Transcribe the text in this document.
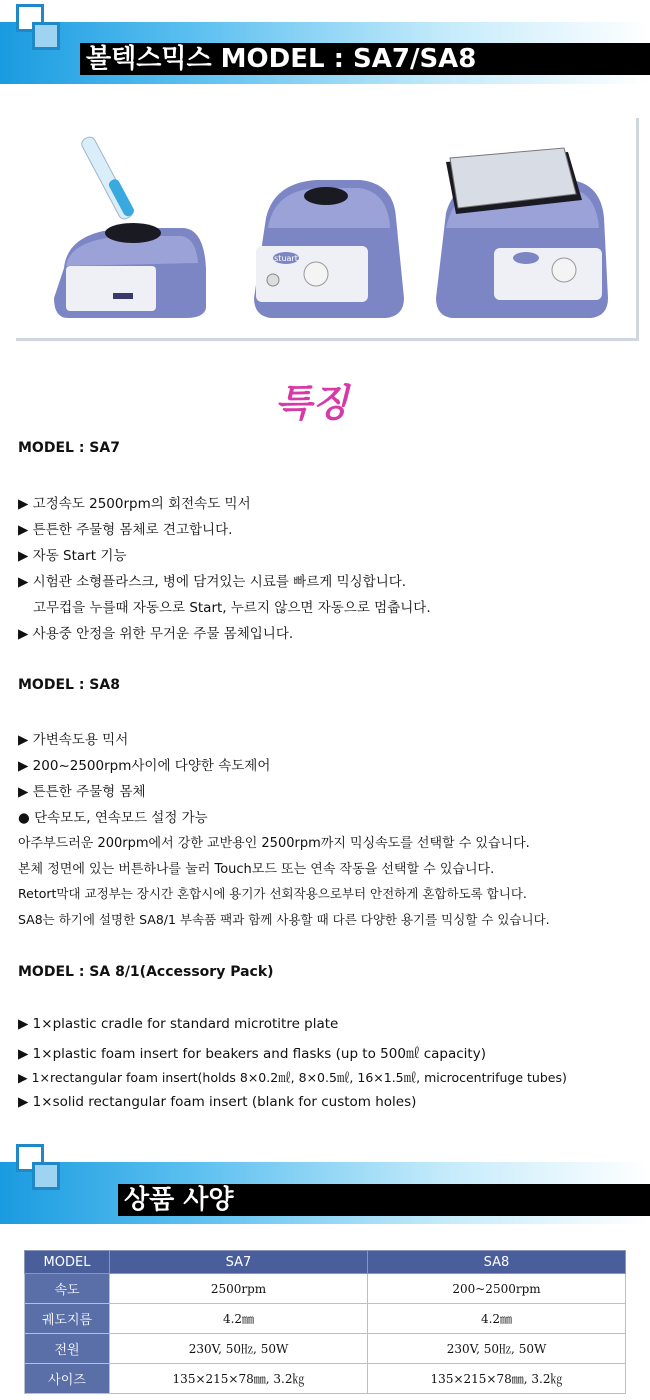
볼텍스믹스 MODEL : SA7/SA8
stuart
특징
MODEL : SA7
▶ 고정속도 2500rpm의 회전속도 믹서
▶ 튼튼한 주물형 몸체로 견고합니다.
▶ 자동 Start 기능
▶ 시험관 소형플라스크, 병에 담겨있는 시료를 빠르게 믹싱합니다.
고무컵을 누를때 자동으로 Start, 누르지 않으면 자동으로 멈춥니다.
▶ 사용중 안정을 위한 무거운 주물 몸체입니다.
MODEL : SA8
▶ 가변속도용 믹서
▶ 200~2500rpm사이에 다양한 속도제어
▶ 튼튼한 주물형 몸체
● 단속모도, 연속모드 설정 가능
아주부드러운 200rpm에서 강한 교반용인 2500rpm까지 믹싱속도를 선택할 수 있습니다.
본체 정면에 있는 버튼하나를 눌러 Touch모드 또는 연속 작동을 선택할 수 있습니다.
Retort막대 교정부는 장시간 혼합시에 용기가 선회작용으로부터 안전하게 혼합하도록 합니다.
SA8는 하기에 설명한 SA8/1 부속품 팩과 함께 사용할 때 다른 다양한 용기를 믹싱할 수 있습니다.
MODEL : SA 8/1(Accessory Pack)
▶ 1×plastic cradle for standard microtitre plate
▶ 1×plastic foam insert for beakers and flasks (up to 500㎖ capacity)
▶ 1×rectangular foam insert(holds 8×0.2㎖, 8×0.5㎖, 16×1.5㎖, microcentrifuge tubes)
▶ 1×solid rectangular foam insert (blank for custom holes)
상품 사양
MODEL	SA7	SA8
속도	2500rpm	200~2500rpm
궤도지름	4.2㎜	4.2㎜
전원	230V, 50㎐, 50W	230V, 50㎐, 50W
사이즈	135×215×78㎜, 3.2㎏	135×215×78㎜, 3.2㎏
